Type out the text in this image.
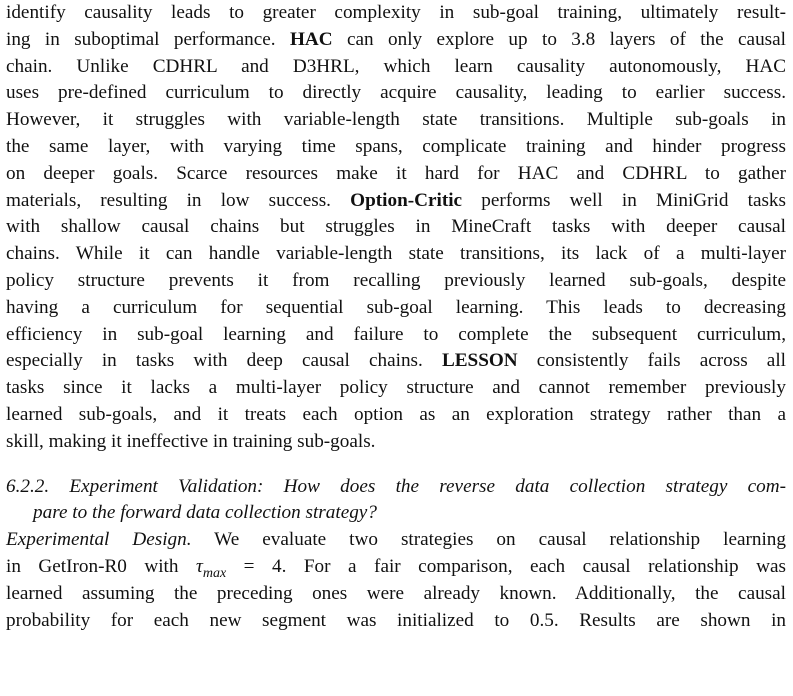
identify causality leads to greater complexity in sub-goal training, ultimately result-
ing in suboptimal performance. HAC can only explore up to 3.8 layers of the causal
chain. Unlike CDHRL and D3HRL, which learn causality autonomously, HAC
uses pre-defined curriculum to directly acquire causality, leading to earlier success.
However, it struggles with variable-length state transitions. Multiple sub-goals in
the same layer, with varying time spans, complicate training and hinder progress
on deeper goals. Scarce resources make it hard for HAC and CDHRL to gather
materials, resulting in low success. Option-Critic performs well in MiniGrid tasks
with shallow causal chains but struggles in MineCraft tasks with deeper causal
chains. While it can handle variable-length state transitions, its lack of a multi-layer
policy structure prevents it from recalling previously learned sub-goals, despite
having a curriculum for sequential sub-goal learning. This leads to decreasing
efficiency in sub-goal learning and failure to complete the subsequent curriculum,
especially in tasks with deep causal chains. LESSON consistently fails across all
tasks since it lacks a multi-layer policy structure and cannot remember previously
learned sub-goals, and it treats each option as an exploration strategy rather than a
skill, making it ineffective in training sub-goals.
6.2.2. Experiment Validation: How does the reverse data collection strategy com-
pare to the forward data collection strategy?
Experimental Design. We evaluate two strategies on causal relationship learning
in GetIron-R0 with $\tau_{max} = 4$. For a fair comparison, each causal relationship was
learned assuming the preceding ones were already known. Additionally, the causal
probability for each new segment was initialized to 0.5. Results are shown in
